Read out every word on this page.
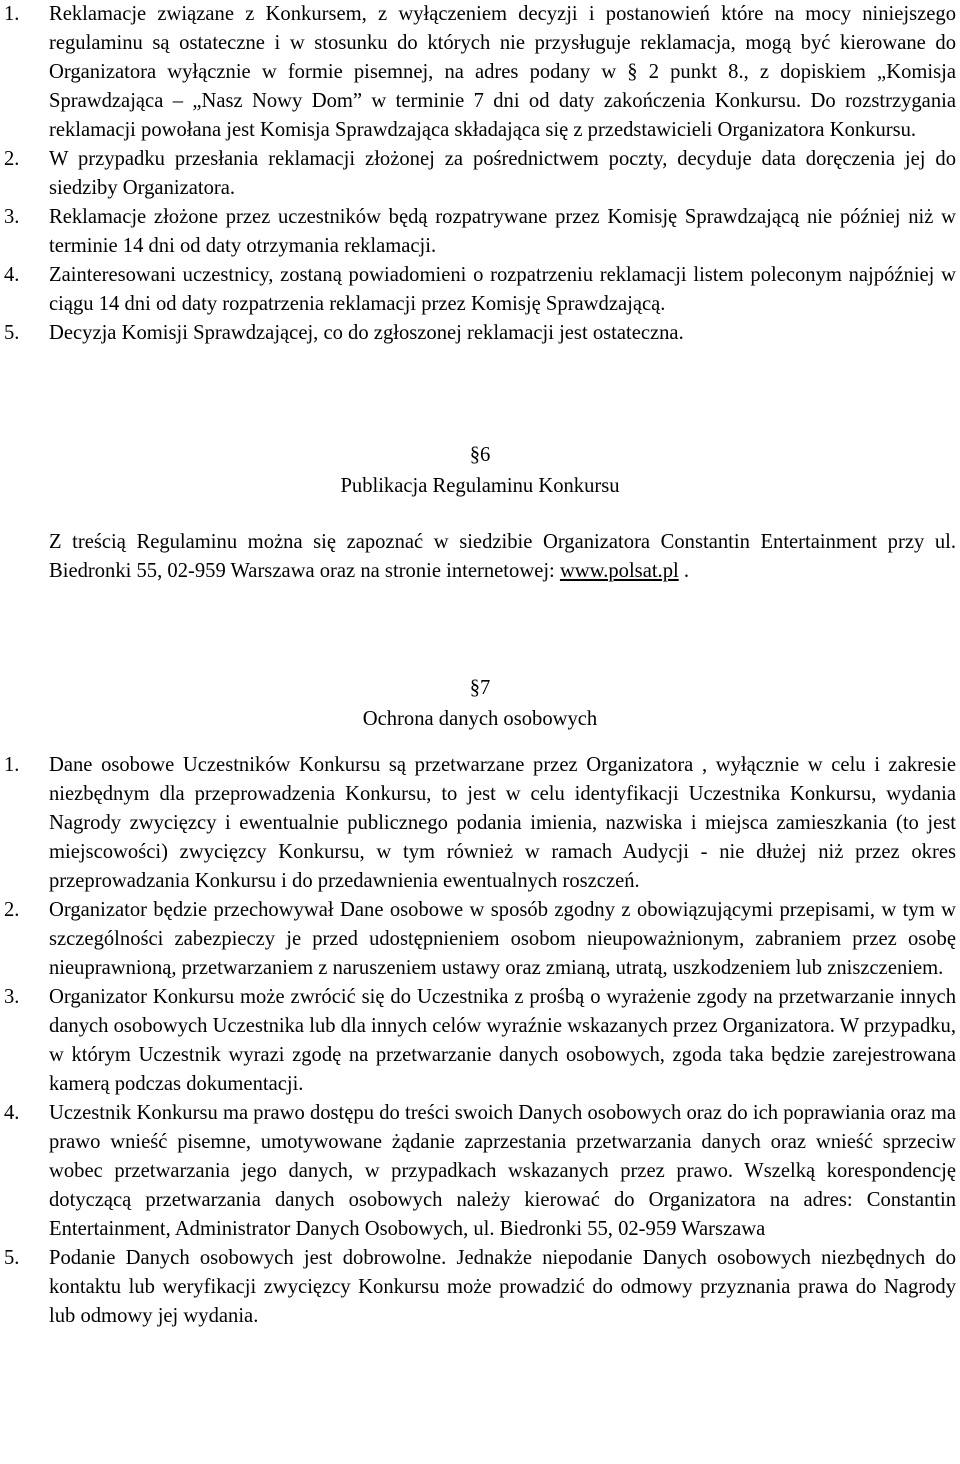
1. Reklamacje związane z Konkursem, z wyłączeniem decyzji i postanowień które na mocy niniejszego regulaminu są ostateczne i w stosunku do których nie przysługuje reklamacja, mogą być kierowane do Organizatora wyłącznie w formie pisemnej, na adres podany w § 2 punkt 8., z dopiskiem „Komisja Sprawdzająca – „Nasz Nowy Dom” w terminie 7 dni od daty zakończenia Konkursu. Do rozstrzygania reklamacji powołana jest Komisja Sprawdzająca składająca się z przedstawicieli Organizatora Konkursu.
2. W przypadku przesłania reklamacji złożonej za pośrednictwem poczty, decyduje data doręczenia jej do siedziby Organizatora.
3. Reklamacje złożone przez uczestników będą rozpatrywane przez Komisję Sprawdzającą nie później niż w terminie 14 dni od daty otrzymania reklamacji.
4. Zainteresowani uczestnicy, zostaną powiadomieni o rozpatrzeniu reklamacji listem poleconym najpóźniej w ciągu 14 dni od daty rozpatrzenia reklamacji przez Komisję Sprawdzającą.
5. Decyzja Komisji Sprawdzającej, co do zgłoszonej reklamacji jest ostateczna.
§6
Publikacja Regulaminu Konkursu
Z treścią Regulaminu można się zapoznać w siedzibie Organizatora Constantin Entertainment przy ul. Biedronki 55, 02-959 Warszawa oraz na stronie internetowej: www.polsat.pl .
§7
Ochrona danych osobowych
1. Dane osobowe Uczestników Konkursu są przetwarzane przez Organizatora , wyłącznie w celu i zakresie niezbędnym dla przeprowadzenia Konkursu, to jest w celu identyfikacji Uczestnika Konkursu, wydania Nagrody zwycięzcy i ewentualnie publicznego podania imienia, nazwiska i miejsca zamieszkania (to jest miejscowości) zwycięzcy Konkursu, w tym również w ramach Audycji - nie dłużej niż przez okres przeprowadzania Konkursu i do przedawnienia ewentualnych roszczeń.
2. Organizator będzie przechowywał Dane osobowe w sposób zgodny z obowiązującymi przepisami, w tym w szczególności zabezpieczy je przed udostępnieniem osobom nieupoważnionym, zabraniem przez osobę nieuprawnioną, przetwarzaniem z naruszeniem ustawy oraz zmianą, utratą, uszkodzeniem lub zniszczeniem.
3. Organizator Konkursu może zwrócić się do Uczestnika z prośbą o wyrażenie zgody na przetwarzanie innych danych osobowych Uczestnika lub dla innych celów wyraźnie wskazanych przez Organizatora. W przypadku, w którym Uczestnik wyrazi zgodę na przetwarzanie danych osobowych, zgoda taka będzie zarejestrowana kamerą podczas dokumentacji.
4. Uczestnik Konkursu ma prawo dostępu do treści swoich Danych osobowych oraz do ich poprawiania oraz ma prawo wnieść pisemne, umotywowane żądanie zaprzestania przetwarzania danych oraz wnieść sprzeciw wobec przetwarzania jego danych, w przypadkach wskazanych przez prawo. Wszelką korespondencję dotyczącą przetwarzania danych osobowych należy kierować do Organizatora na adres: Constantin Entertainment, Administrator Danych Osobowych, ul. Biedronki 55, 02-959 Warszawa
5. Podanie Danych osobowych jest dobrowolne. Jednakże niepodanie Danych osobowych niezbędnych do kontaktu lub weryfikacji zwycięzcy Konkursu może prowadzić do odmowy przyznania prawa do Nagrody lub odmowy jej wydania.
